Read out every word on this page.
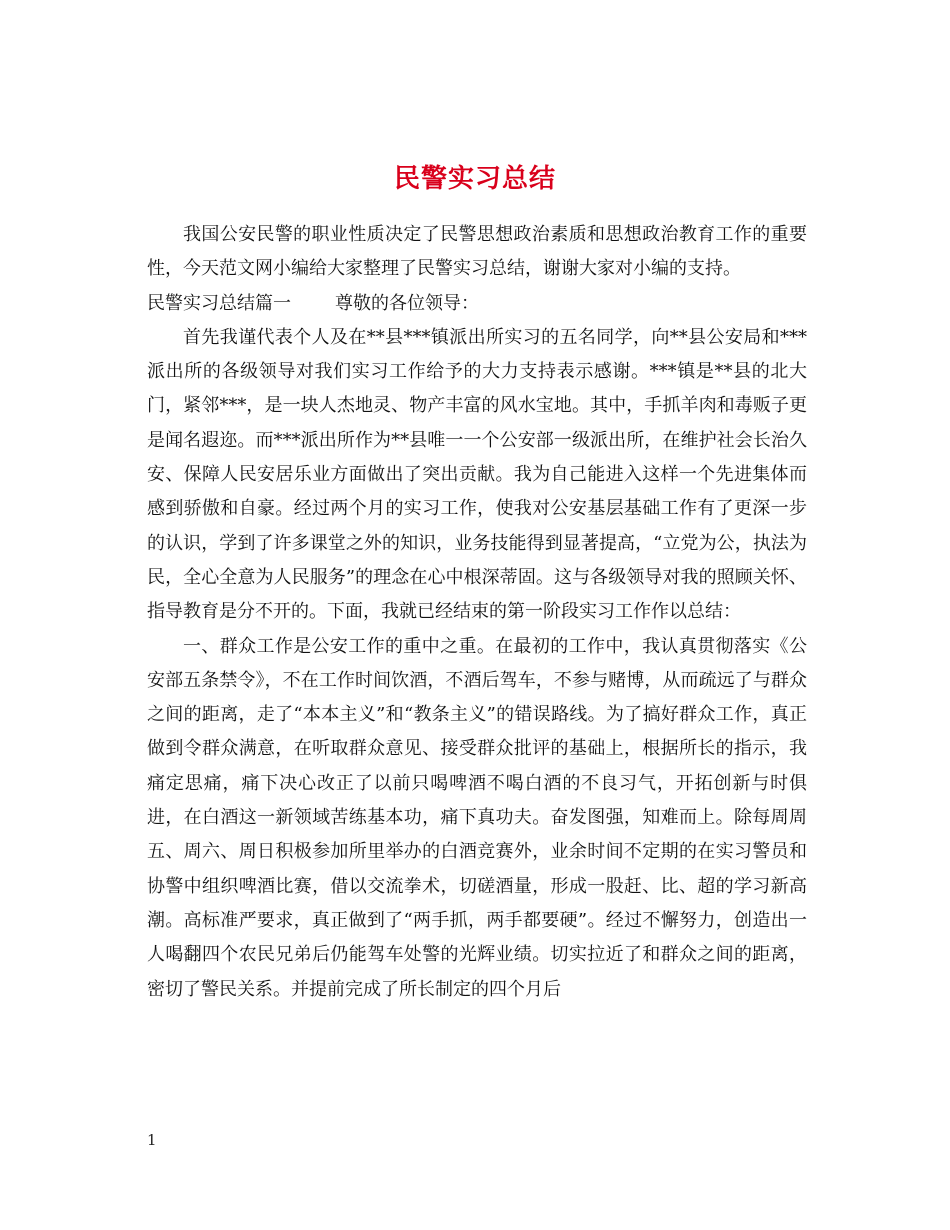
民警实习总结

我国公安民警的职业性质决定了民警思想政治素质和思想政治教育工作的重要性，今天范文网小编给大家整理了民警实习总结，谢谢大家对小编的支持。

民警实习总结篇一 尊敬的各位领导：

首先我谨代表个人及在**县***镇派出所实习的五名同学，向**县公安局和***派出所的各级领导对我们实习工作给予的大力支持表示感谢。***镇是**县的北大门，紧邻***，是一块人杰地灵、物产丰富的风水宝地。其中，手抓羊肉和毒贩子更是闻名遐迩。而***派出所作为**县唯一一个公安部一级派出所，在维护社会长治久安、保障人民安居乐业方面做出了突出贡献。我为自己能进入这样一个先进集体而感到骄傲和自豪。经过两个月的实习工作，使我对公安基层基础工作有了更深一步的认识，学到了许多课堂之外的知识，业务技能得到显著提高，“立党为公，执法为民，全心全意为人民服务”的理念在心中根深蒂固。这与各级领导对我的照顾关怀、指导教育是分不开的。下面，我就已经结束的第一阶段实习工作作以总结：

一、群众工作是公安工作的重中之重。在最初的工作中，我认真贯彻落实《公安部五条禁令》，不在工作时间饮酒，不酒后驾车，不参与赌博，从而疏远了与群众之间的距离，走了“本本主义”和“教条主义”的错误路线。为了搞好群众工作，真正做到令群众满意，在听取群众意见、接受群众批评的基础上，根据所长的指示，我痛定思痛，痛下决心改正了以前只喝啤酒不喝白酒的不良习气，开拓创新与时俱进，在白酒这一新领域苦练基本功，痛下真功夫。奋发图强，知难而上。除每周周五、周六、周日积极参加所里举办的白酒竞赛外，业余时间不定期的在实习警员和协警中组织啤酒比赛，借以交流拳术，切磋酒量，形成一股赶、比、超的学习新高潮。高标准严要求，真正做到了“两手抓，两手都要硬”。经过不懈努力，创造出一人喝翻四个农民兄弟后仍能驾车处警的光辉业绩。切实拉近了和群众之间的距离，密切了警民关系。并提前完成了所长制定的四个月后

1
